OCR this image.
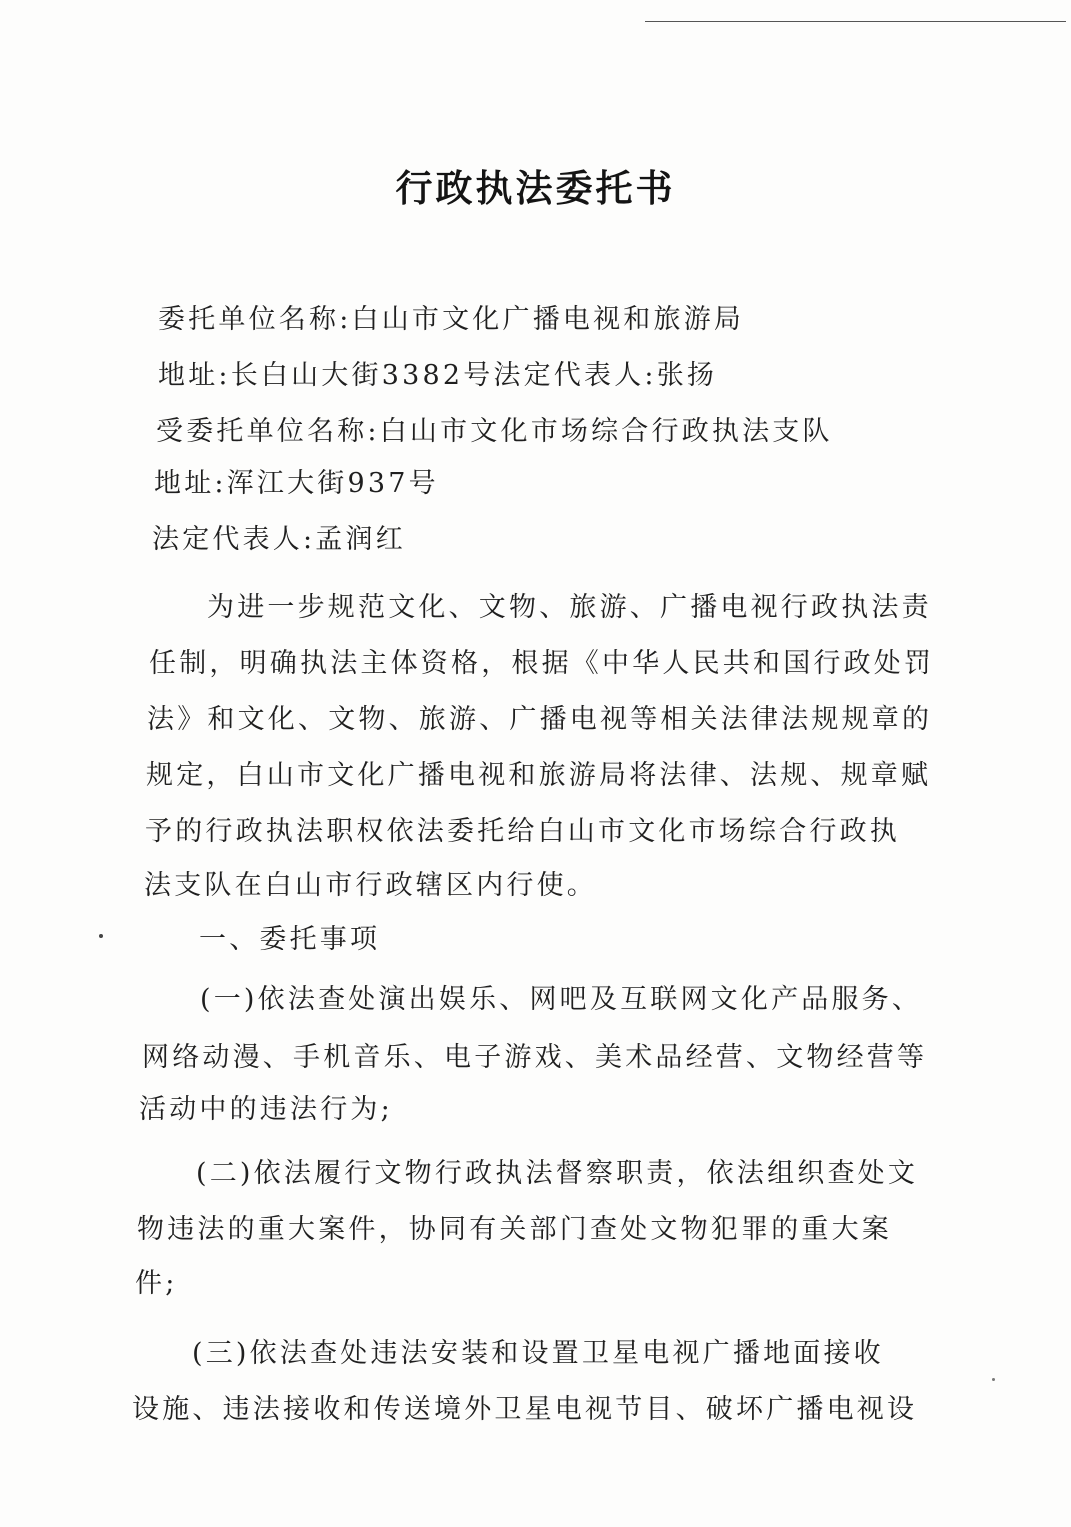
行政执法委托书
委托单位名称:白山市文化广播电视和旅游局
地址:长白山大街3382号法定代表人:张扬
受委托单位名称:白山市文化市场综合行政执法支队
地址:浑江大街937号
法定代表人:孟润红
为进一步规范文化、文物、旅游、广播电视行政执法责
任制，明确执法主体资格，根据《中华人民共和国行政处罚
法》和文化、文物、旅游、广播电视等相关法律法规规章的
规定，白山市文化广播电视和旅游局将法律、法规、规章赋
予的行政执法职权依法委托给白山市文化市场综合行政执
法支队在白山市行政辖区内行使。
一、委托事项
(一)依法查处演出娱乐、网吧及互联网文化产品服务、
网络动漫、手机音乐、电子游戏、美术品经营、文物经营等
活动中的违法行为;
(二)依法履行文物行政执法督察职责，依法组织查处文
物违法的重大案件，协同有关部门查处文物犯罪的重大案
件;
(三)依法查处违法安装和设置卫星电视广播地面接收
设施、违法接收和传送境外卫星电视节目、破坏广播电视设
